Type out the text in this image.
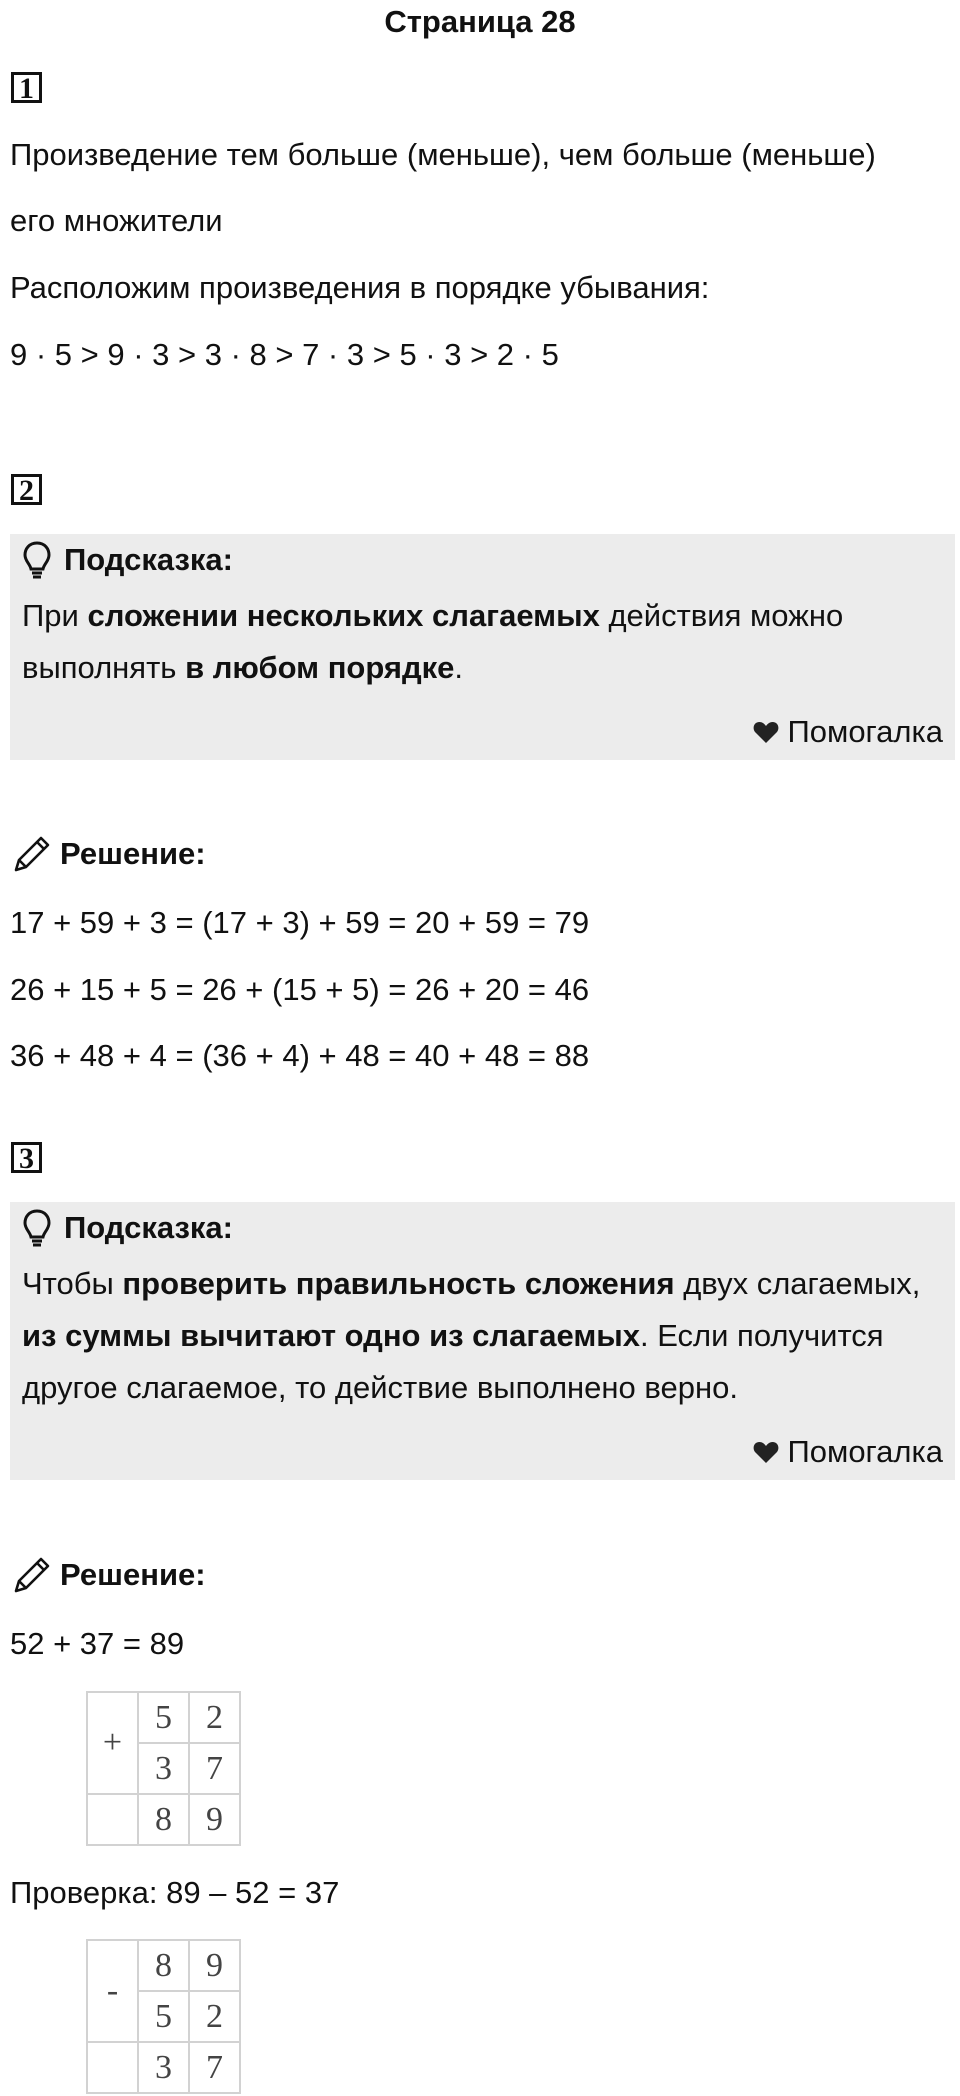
Страница 28
1
Произведение тем больше (меньше), чем больше (меньше)
его множители
Расположим произведения в порядке убывания:
9 · 5 > 9 · 3 > 3 · 8 > 7 · 3 > 5 · 3 > 2 · 5
2
Подсказка:
При сложении нескольких слагаемых действия можно выполнять в любом порядке.
Помогалка
Решение:
17 + 59 + 3 = (17 + 3) + 59 = 20 + 59 = 79
26 + 15 + 5 = 26 + (15 + 5) = 26 + 20 = 46
36 + 48 + 4 = (36 + 4) + 48 = 40 + 48 = 88
3
Подсказка:
Чтобы проверить правильность сложения двух слагаемых, из суммы вычитают одно из слагаемых. Если получится другое слагаемое, то действие выполнено верно.
Помогалка
Решение:
52 + 37 = 89
+	5	2
	3	7
	8	9
Проверка: 89 – 52 = 37
-	8	9
	5	2
	3	7
